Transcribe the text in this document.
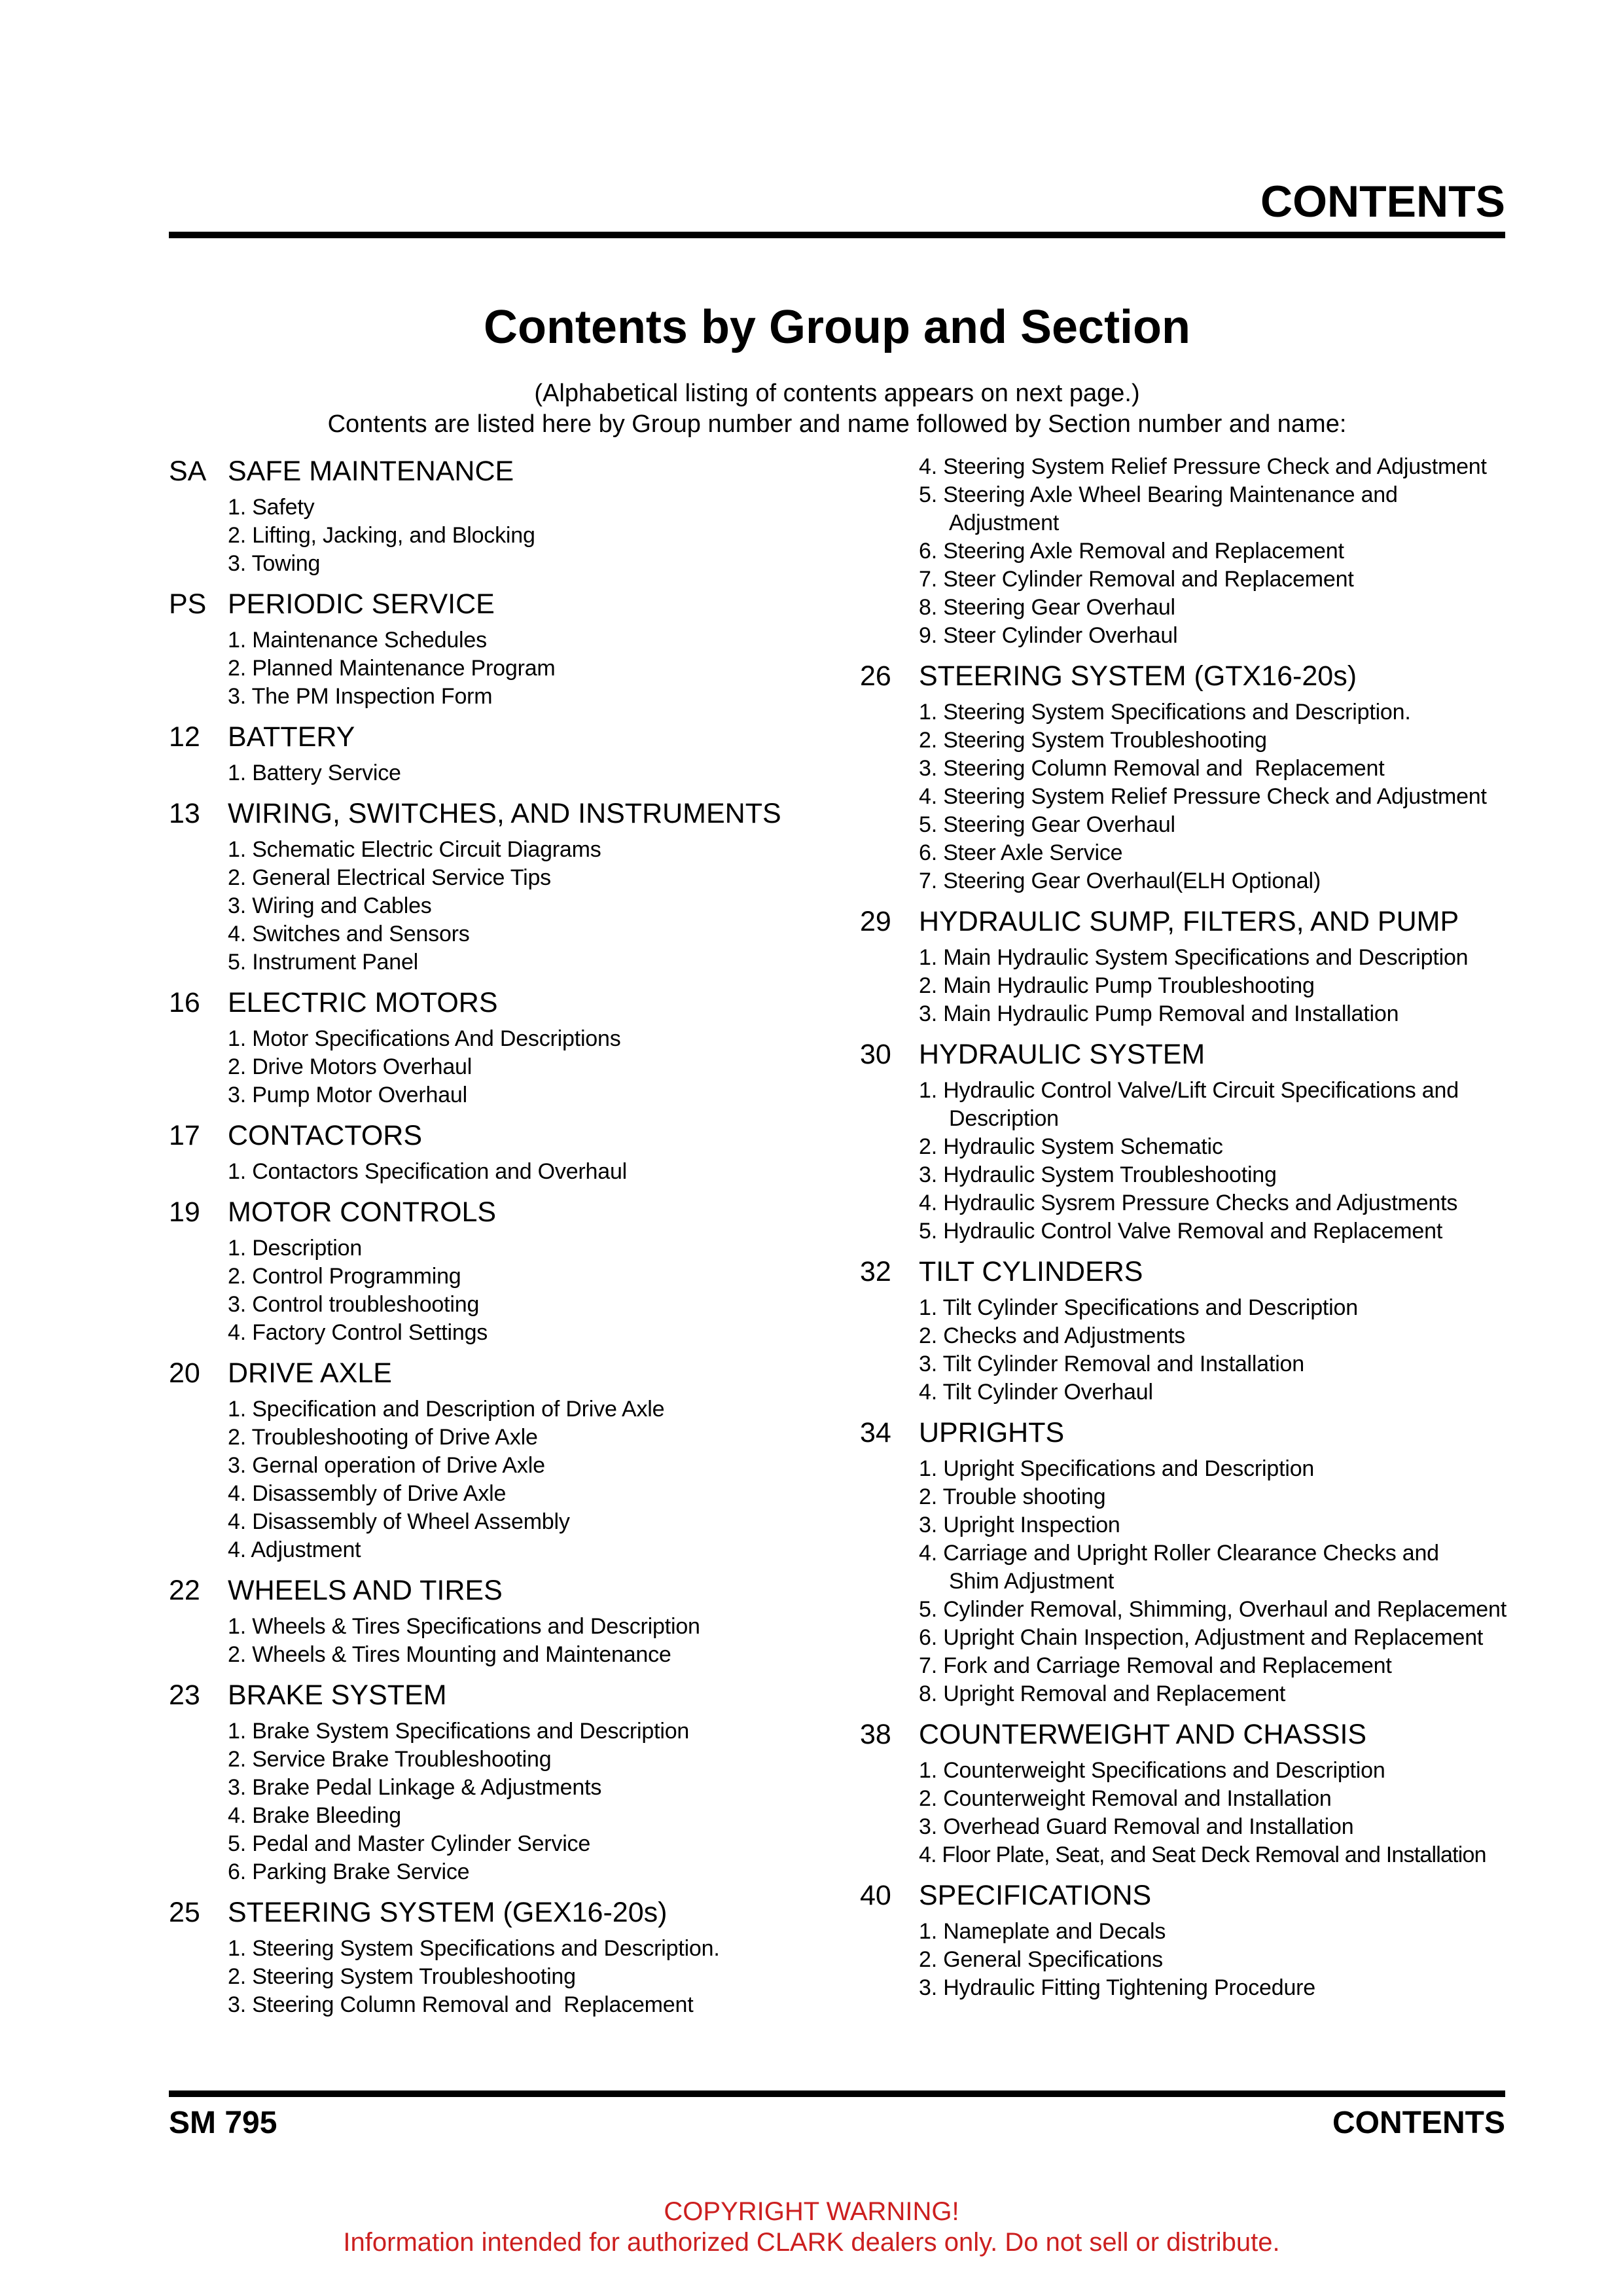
CONTENTS
Contents by Group and Section
(Alphabetical listing of contents appears on next page.)
Contents are listed here by Group number and name followed by Section number and name:
SA SAFE MAINTENANCE
1. Safety
2. Lifting, Jacking, and Blocking
3. Towing
PS PERIODIC SERVICE
1. Maintenance Schedules
2. Planned Maintenance Program
3. The PM Inspection Form
12 BATTERY
1. Battery Service
13 WIRING, SWITCHES, AND INSTRUMENTS
1. Schematic Electric Circuit Diagrams
2. General Electrical Service Tips
3. Wiring and Cables
4. Switches and Sensors
5. Instrument Panel
16 ELECTRIC MOTORS
1. Motor Specifications And Descriptions
2. Drive Motors Overhaul
3. Pump Motor Overhaul
17 CONTACTORS
1. Contactors Specification and Overhaul
19 MOTOR CONTROLS
1. Description
2. Control Programming
3. Control troubleshooting
4. Factory Control Settings
20 DRIVE AXLE
1. Specification and Description of Drive Axle
2. Troubleshooting of Drive Axle
3. Gernal operation of Drive Axle
4. Disassembly of Drive Axle
4. Disassembly of Wheel Assembly
4. Adjustment
22 WHEELS AND TIRES
1. Wheels & Tires Specifications and Description
2. Wheels & Tires Mounting and Maintenance
23 BRAKE SYSTEM
1. Brake System Specifications and Description
2. Service Brake Troubleshooting
3. Brake Pedal Linkage & Adjustments
4. Brake Bleeding
5. Pedal and Master Cylinder Service
6. Parking Brake Service
25 STEERING SYSTEM (GEX16-20s)
1. Steering System Specifications and Description.
2. Steering System Troubleshooting
3. Steering Column Removal and  Replacement
4. Steering System Relief Pressure Check and Adjustment
5. Steering Axle Wheel Bearing Maintenance and
Adjustment
6. Steering Axle Removal and Replacement
7. Steer Cylinder Removal and Replacement
8. Steering Gear Overhaul
9. Steer Cylinder Overhaul
26 STEERING SYSTEM (GTX16-20s)
1. Steering System Specifications and Description.
2. Steering System Troubleshooting
3. Steering Column Removal and  Replacement
4. Steering System Relief Pressure Check and Adjustment
5. Steering Gear Overhaul
6. Steer Axle Service
7. Steering Gear Overhaul(ELH Optional)
29 HYDRAULIC SUMP, FILTERS, AND PUMP
1. Main Hydraulic System Specifications and Description
2. Main Hydraulic Pump Troubleshooting
3. Main Hydraulic Pump Removal and Installation
30 HYDRAULIC SYSTEM
1. Hydraulic Control Valve/Lift Circuit Specifications and
Description
2. Hydraulic System Schematic
3. Hydraulic System Troubleshooting
4. Hydraulic Sysrem Pressure Checks and Adjustments
5. Hydraulic Control Valve Removal and Replacement
32 TILT CYLINDERS
1. Tilt Cylinder Specifications and Description
2. Checks and Adjustments
3. Tilt Cylinder Removal and Installation
4. Tilt Cylinder Overhaul
34 UPRIGHTS
1. Upright Specifications and Description
2. Trouble shooting
3. Upright Inspection
4. Carriage and Upright Roller Clearance Checks and
Shim Adjustment
5. Cylinder Removal, Shimming, Overhaul and Replacement
6. Upright Chain Inspection, Adjustment and Replacement
7. Fork and Carriage Removal and Replacement
8. Upright Removal and Replacement
38 COUNTERWEIGHT AND CHASSIS
1. Counterweight Specifications and Description
2. Counterweight Removal and Installation
3. Overhead Guard Removal and Installation
4. Floor Plate, Seat, and Seat Deck Removal and Installation
40 SPECIFICATIONS
1. Nameplate and Decals
2. General Specifications
3. Hydraulic Fitting Tightening Procedure
SM 795	CONTENTS
COPYRIGHT WARNING!
Information intended for authorized CLARK dealers only. Do not sell or distribute.
